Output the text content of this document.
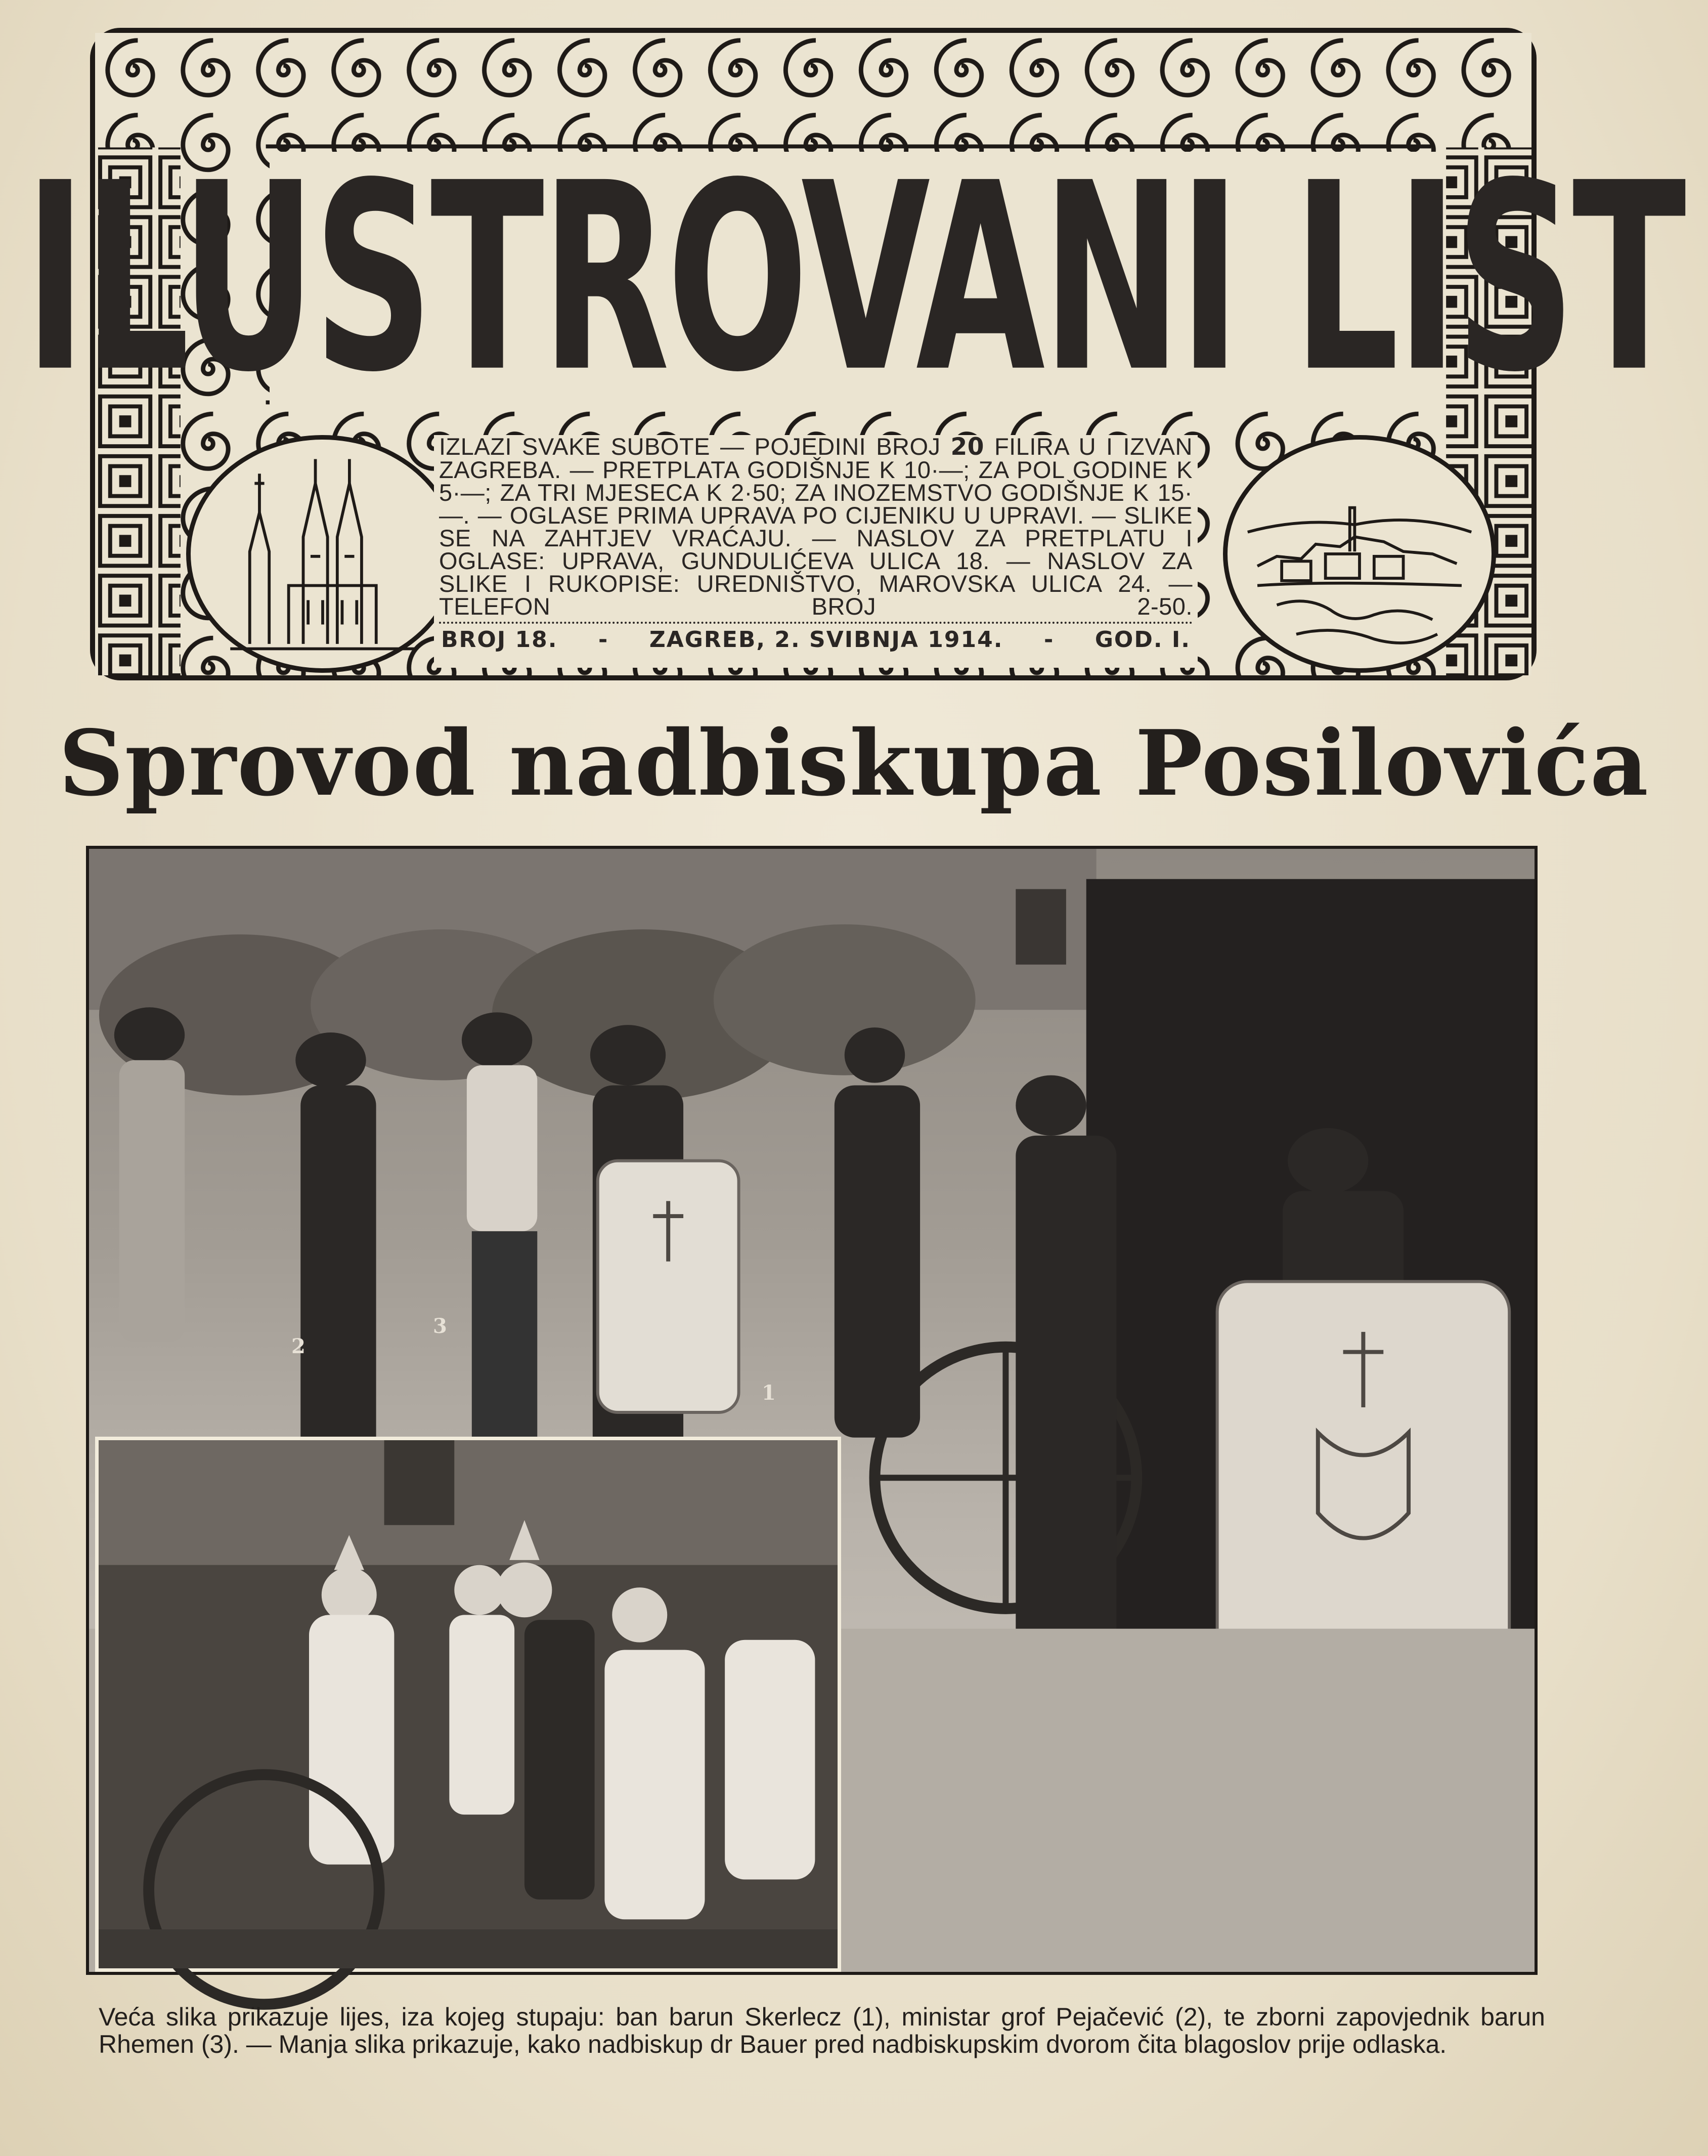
ILUSTROVANI LIST

IZLAZI SVAKE SUBOTE — POJEDINI BROJ 20 FILIRA U I IZVAN ZAGREBA. — PRETPLATA GODIŠNJE K 10·—; ZA POL GODINE K 5·—; ZA TRI MJESECA K 2·50; ZA INOZEMSTVO GODIŠNJE K 15·—. — OGLASE PRIMA UPRAVA PO CIJENIKU U UPRAVI. — SLIKE SE NA ZAHTJEV VRAĆAJU. — NASLOV ZA PRETPLATU I OGLASE: UPRAVA, GUNDULIĆEVA ULICA 18. — NASLOV ZA SLIKE I RUKOPISE: UREDNIŠTVO, MAROVSKA ULICA 24. — TELEFON BROJ 2-50.

BROJ 18. - ZAGREB, 2. SVIBNJA 1914. - GOD. I.
Sprovod nadbiskupa Posilovića
1
2
3

Veća slika prikazuje lijes, iza kojeg stupaju: ban barun Skerlecz (1), ministar grof Pejačević (2), te zborni zapovjednik barun Rhemen (3). — Manja slika prikazuje, kako nadbiskup dr Bauer pred nadbiskupskim dvorom čita blagoslov prije odlaska.
